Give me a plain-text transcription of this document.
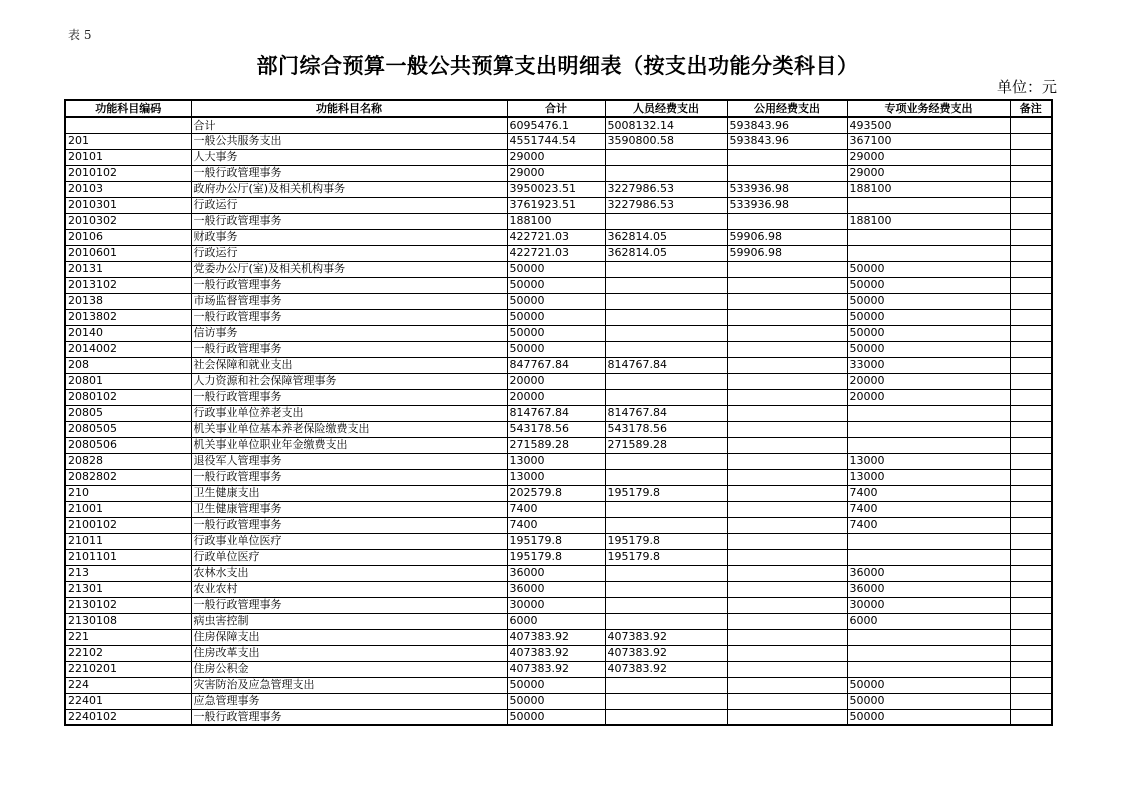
表 5
部门综合预算一般公共预算支出明细表（按支出功能分类科目）
单位：元
功能科目编码	功能科目名称	合计	人员经费支出	公用经费支出	专项业务经费支出	备注
	合计	6095476.1	5008132.14	593843.96	493500	
201	一般公共服务支出	4551744.54	3590800.58	593843.96	367100	
20101	人大事务	29000			29000	
2010102	一般行政管理事务	29000			29000	
20103	政府办公厅(室)及相关机构事务	3950023.51	3227986.53	533936.98	188100	
2010301	行政运行	3761923.51	3227986.53	533936.98		
2010302	一般行政管理事务	188100			188100	
20106	财政事务	422721.03	362814.05	59906.98		
2010601	行政运行	422721.03	362814.05	59906.98		
20131	党委办公厅(室)及相关机构事务	50000			50000	
2013102	一般行政管理事务	50000			50000	
20138	市场监督管理事务	50000			50000	
2013802	一般行政管理事务	50000			50000	
20140	信访事务	50000			50000	
2014002	一般行政管理事务	50000			50000	
208	社会保障和就业支出	847767.84	814767.84		33000	
20801	人力资源和社会保障管理事务	20000			20000	
2080102	一般行政管理事务	20000			20000	
20805	行政事业单位养老支出	814767.84	814767.84			
2080505	机关事业单位基本养老保险缴费支出	543178.56	543178.56			
2080506	机关事业单位职业年金缴费支出	271589.28	271589.28			
20828	退役军人管理事务	13000			13000	
2082802	一般行政管理事务	13000			13000	
210	卫生健康支出	202579.8	195179.8		7400	
21001	卫生健康管理事务	7400			7400	
2100102	一般行政管理事务	7400			7400	
21011	行政事业单位医疗	195179.8	195179.8			
2101101	行政单位医疗	195179.8	195179.8			
213	农林水支出	36000			36000	
21301	农业农村	36000			36000	
2130102	一般行政管理事务	30000			30000	
2130108	病虫害控制	6000			6000	
221	住房保障支出	407383.92	407383.92			
22102	住房改革支出	407383.92	407383.92			
2210201	住房公积金	407383.92	407383.92			
224	灾害防治及应急管理支出	50000			50000	
22401	应急管理事务	50000			50000	
2240102	一般行政管理事务	50000			50000	
